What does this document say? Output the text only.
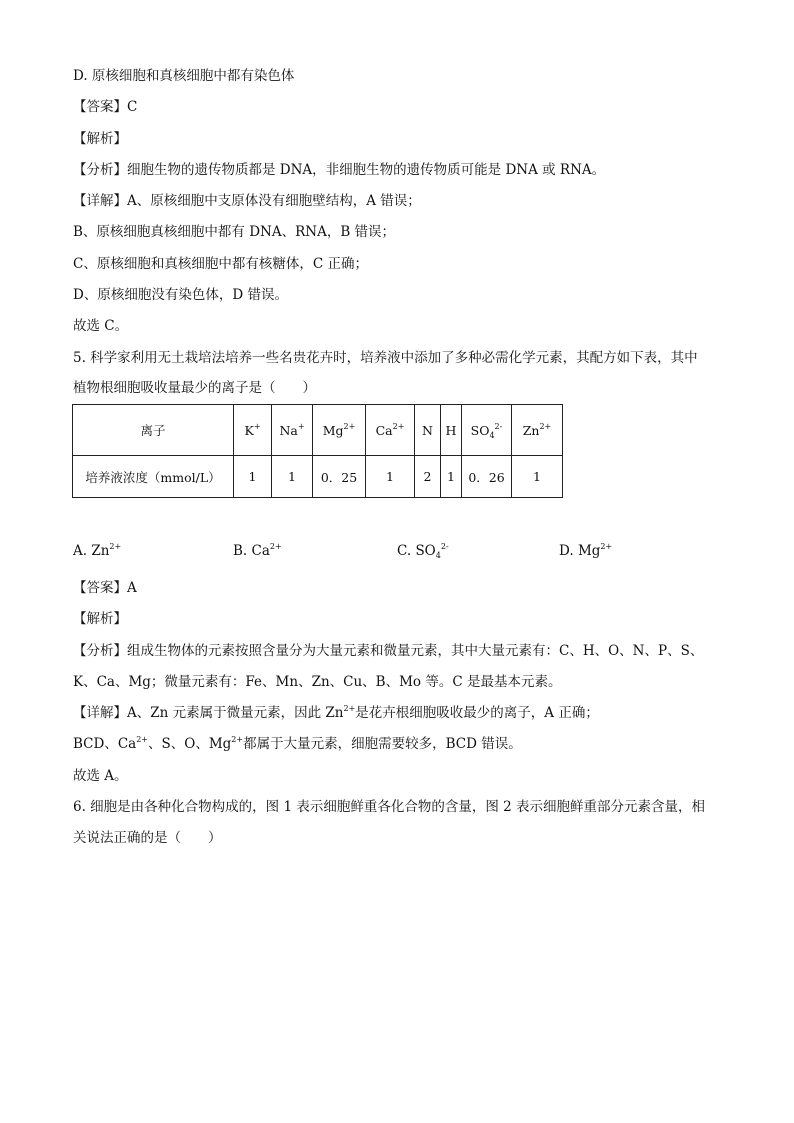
D. 原核细胞和真核细胞中都有染色体
【答案】C
【解析】
【分析】细胞生物的遗传物质都是 DNA，非细胞生物的遗传物质可能是 DNA 或 RNA。
【详解】A、原核细胞中支原体没有细胞壁结构，A 错误；
B、原核细胞真核细胞中都有 DNA、RNA，B 错误；
C、原核细胞和真核细胞中都有核糖体，C 正确；
D、原核细胞没有染色体，D 错误。
故选 C。
5. 科学家利用无土栽培法培养一些名贵花卉时，培养液中添加了多种必需化学元素，其配方如下表，其中
植物根细胞吸收量最少的离子是（　　）
离子	K+	Na+	$Mg^{2+}$	$Ca^{2+}$	N	H	$SO_4^{2-}$	$Zn^{2+}$
培养液浓度（mmol/L）	1	1	0．25	1	2	1	0．26	1
A. $Zn^{2+}$	B. $Ca^{2+}$	C. $SO_4^{2-}$	D. $Mg^{2+}$
【答案】A
【解析】
【分析】组成生物体的元素按照含量分为大量元素和微量元素，其中大量元素有：C、H、O、N、P、S、
K、Ca、Mg；微量元素有：Fe、Mn、Zn、Cu、B、Mo 等。C 是最基本元素。
【详解】A、Zn 元素属于微量元素，因此 $Zn^{2+}$是花卉根细胞吸收最少的离子，A 正确；
BCD、$Ca^{2+}$、S、O、$Mg^{2+}$都属于大量元素，细胞需要较多，BCD 错误。
故选 A。
6. 细胞是由各种化合物构成的，图 1 表示细胞鲜重各化合物的含量，图 2 表示细胞鲜重部分元素含量，相
关说法正确的是（　　）
